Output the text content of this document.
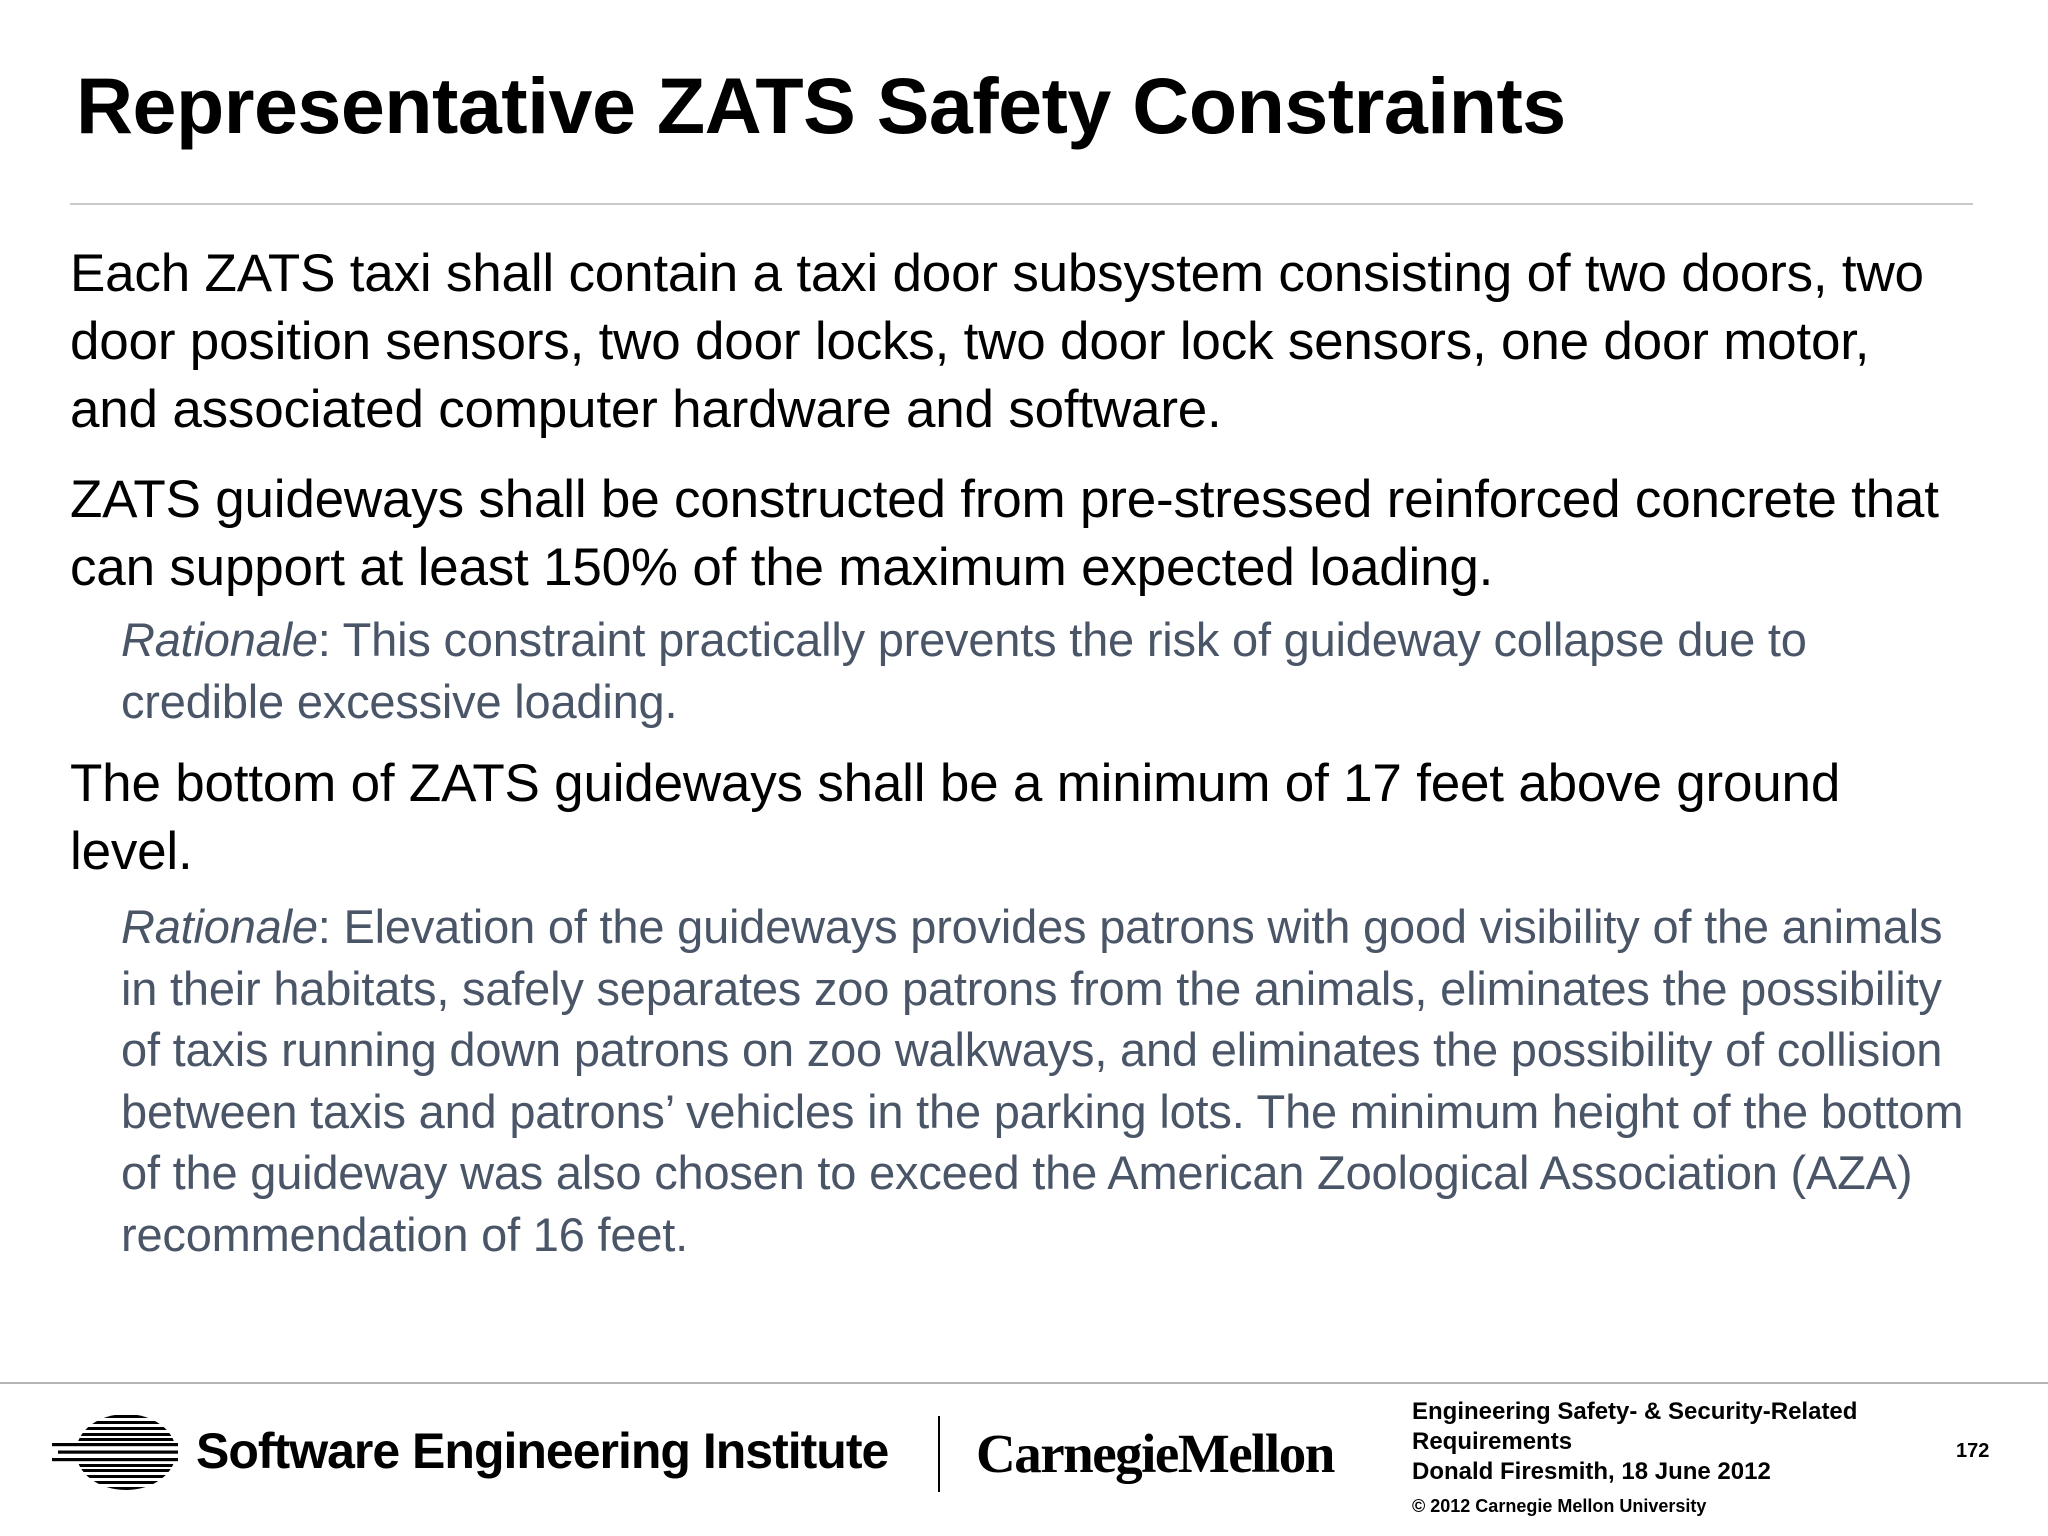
Representative ZATS Safety Constraints

Each ZATS taxi shall contain a taxi door subsystem consisting of two doors, two door position sensors, two door locks, two door lock sensors, one door motor, and associated computer hardware and software.

ZATS guideways shall be constructed from pre-stressed reinforced concrete that can support at least 150% of the maximum expected loading.

Rationale: This constraint practically prevents the risk of guideway collapse due to credible excessive loading.

The bottom of ZATS guideways shall be a minimum of 17 feet above ground level.

Rationale: Elevation of the guideways provides patrons with good visibility of the animals in their habitats, safely separates zoo patrons from the animals, eliminates the possibility of taxis running down patrons on zoo walkways, and eliminates the possibility of collision between taxis and patrons’ vehicles in the parking lots. The minimum height of the bottom of the guideway was also chosen to exceed the American Zoological Association (AZA) recommendation of 16 feet.

Software Engineering Institute CarnegieMellon
Engineering Safety- & Security-Related
Requirements
Donald Firesmith, 18 June 2012
© 2012 Carnegie Mellon University
172
